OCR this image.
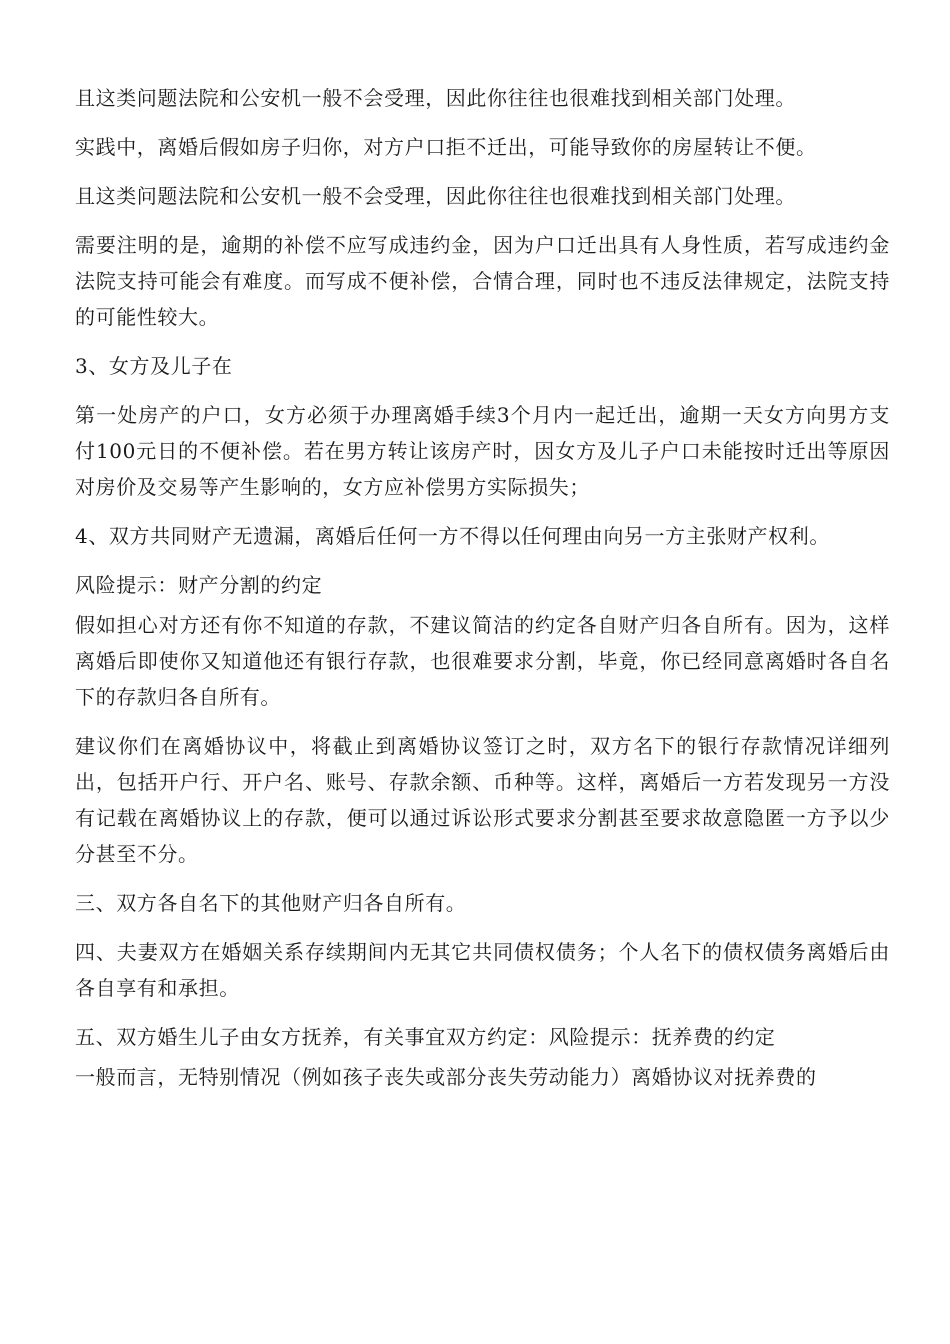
且这类问题法院和公安机一般不会受理，因此你往往也很难找到相关部门处理。

实践中，离婚后假如房子归你，对方户口拒不迁出，可能导致你的房屋转让不便。

且这类问题法院和公安机一般不会受理，因此你往往也很难找到相关部门处理。

需要注明的是，逾期的补偿不应写成违约金，因为户口迁出具有人身性质，若写成违约金法院支持可能会有难度。而写成不便补偿，合情合理，同时也不违反法律规定，法院支持的可能性较大。

3、女方及儿子在

第一处房产的户口，女方必须于办理离婚手续3个月内一起迁出，逾期一天女方向男方支付100元日的不便补偿。若在男方转让该房产时，因女方及儿子户口未能按时迁出等原因对房价及交易等产生影响的，女方应补偿男方实际损失；

4、双方共同财产无遗漏，离婚后任何一方不得以任何理由向另一方主张财产权利。

风险提示：财产分割的约定

假如担心对方还有你不知道的存款，不建议简洁的约定各自财产归各自所有。因为，这样离婚后即使你又知道他还有银行存款，也很难要求分割，毕竟，你已经同意离婚时各自名下的存款归各自所有。

建议你们在离婚协议中，将截止到离婚协议签订之时，双方名下的银行存款情况详细列出，包括开户行、开户名、账号、存款余额、币种等。这样，离婚后一方若发现另一方没有记载在离婚协议上的存款，便可以通过诉讼形式要求分割甚至要求故意隐匿一方予以少分甚至不分。

三、双方各自名下的其他财产归各自所有。

四、夫妻双方在婚姻关系存续期间内无其它共同债权债务；个人名下的债权债务离婚后由各自享有和承担。

五、双方婚生儿子由女方抚养，有关事宜双方约定：风险提示：抚养费的约定

一般而言，无特别情况（例如孩子丧失或部分丧失劳动能力）离婚协议对抚养费的
